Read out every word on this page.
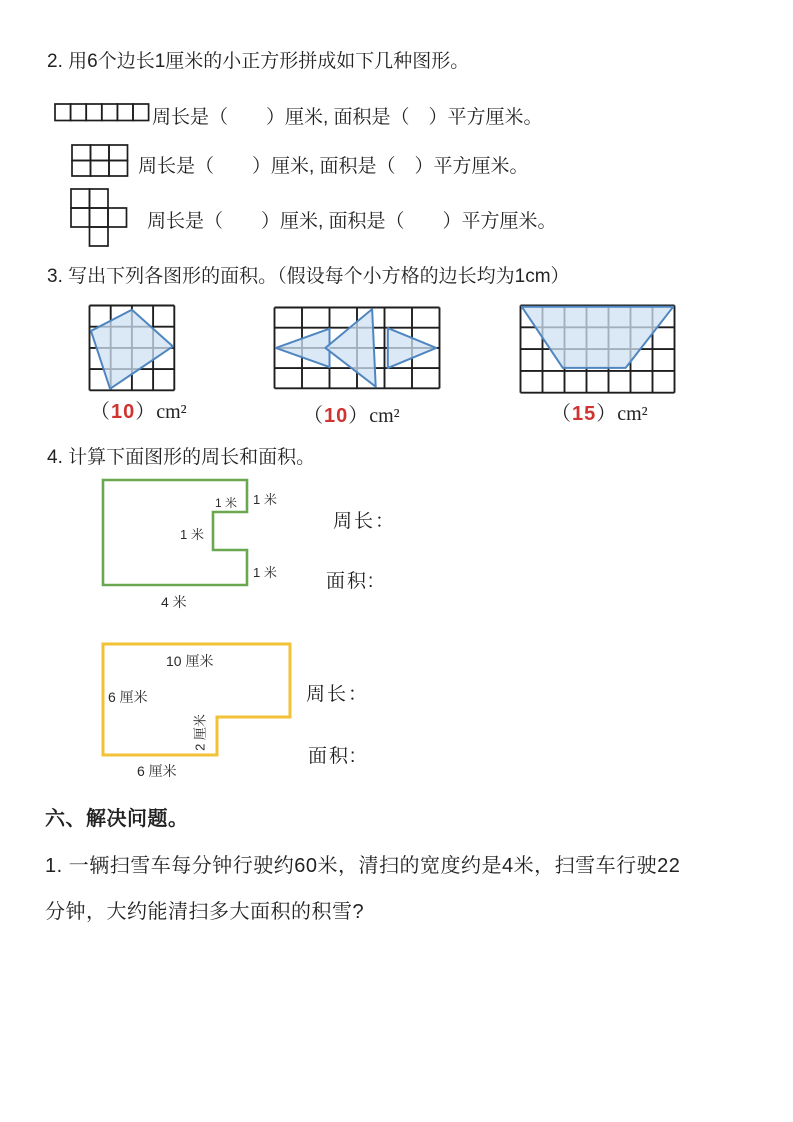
2. 用6个边长1厘米的小正方形拼成如下几种图形。
周长是（　　）厘米, 面积是（　）平方厘米。
周长是（　　）厘米, 面积是（　）平方厘米。
周长是（　　）厘米, 面积是（　　）平方厘米。
3. 写出下列各图形的面积。（假设每个小方格的边长均为1cm）
（10）cm²	（10）cm²	（15）cm²
4. 计算下面图形的周长和面积。
1 米 1 米
1 米
1 米
4 米
周长：
面积:
10 厘米
6 厘米
2 厘米
6 厘米
周长：
面积:
六、解决问题。
1. 一辆扫雪车每分钟行驶约60米，清扫的宽度约是4米，扫雪车行驶22
分钟，大约能清扫多大面积的积雪?
